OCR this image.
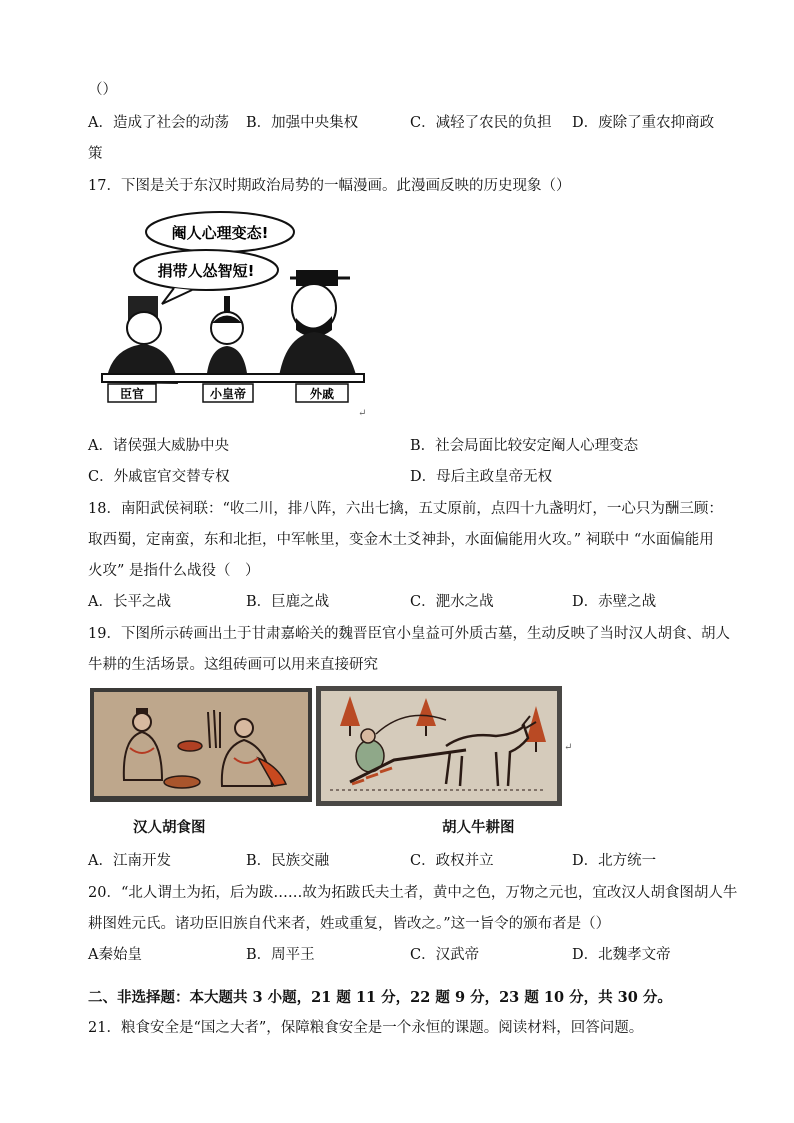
（）
A．造成了社会的动荡 B．加强中央集权	C．减轻了农民的负担 D．废除了重农抑商政
策
17．下图是关于东汉时期政治局势的一幅漫画。此漫画反映的历史现象（）
阉人心理变态!
捐带人怂智短!
臣官	小皇帝	外戚
↵
A．诸侯强大威胁中央	B．社会局面比较安定阉人心理变态
C．外戚宦官交替专权	D．母后主政皇帝无权
18．南阳武侯祠联：“收二川，排八阵，六出七擒，五丈原前，点四十九盏明灯，一心只为酬三顾：
取西蜀，定南蛮，东和北拒，中军帐里，变金木土爻神卦，水面偏能用火攻。” 祠联中 “水面偏能用
火攻” 是指什么战役（　）
A．长平之战	B．巨鹿之战	C．淝水之战	D．赤壁之战
19．下图所示砖画出土于甘肃嘉峪关的魏晋臣官小皇益可外质古墓，生动反映了当时汉人胡食、胡人
牛耕的生活场景。这组砖画可以用来直接研究
↵
汉人胡食图	胡人牛耕图
A．江南开发	B．民族交融	C．政权并立	D．北方统一
20．“北人谓土为拓，后为跋……故为拓跋氏夫土者，黄中之色，万物之元也，宜改汉人胡食图胡人牛
耕图姓元氏。诸功臣旧族自代来者，姓或重复，皆改之。”这一旨令的颁布者是（）
A秦始皇	B．周平王	C．汉武帝	D．北魏孝文帝
二、非选择题：本大题共 3 小题，21 题 11 分，22 题 9 分，23 题 10 分，共 30 分。
21．粮食安全是“国之大者”，保障粮食安全是一个永恒的课题。阅读材料，回答问题。
